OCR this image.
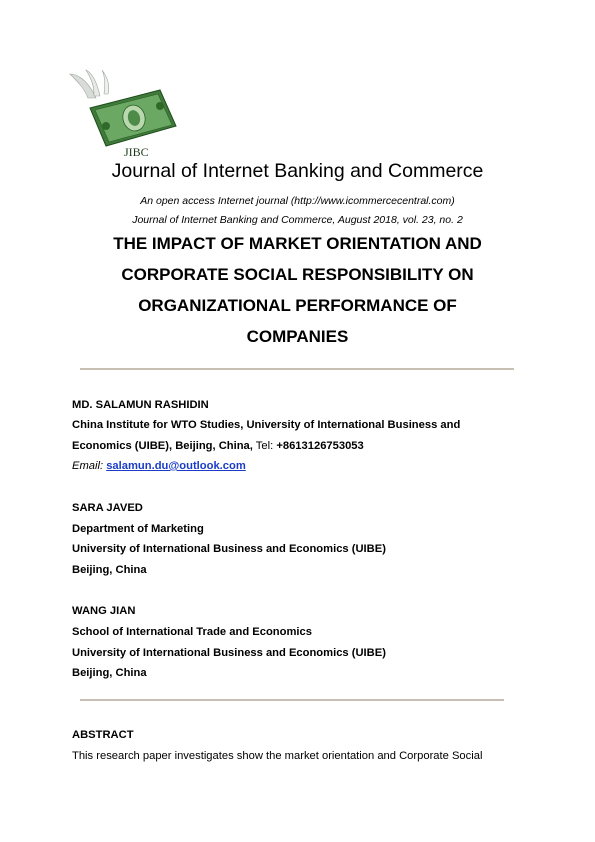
JIBC
Journal of Internet Banking and Commerce
An open access Internet journal (http://www.icommercecentral.com)
Journal of Internet Banking and Commerce, August 2018, vol. 23, no. 2
THE IMPACT OF MARKET ORIENTATION AND
CORPORATE SOCIAL RESPONSIBILITY ON
ORGANIZATIONAL PERFORMANCE OF
COMPANIES
MD. SALAMUN RASHIDIN
China Institute for WTO Studies, University of International Business and
Economics (UIBE), Beijing, China, Tel: +8613126753053
Email: salamun.du@outlook.com
SARA JAVED
Department of Marketing
University of International Business and Economics (UIBE)
Beijing, China
WANG JIAN
School of International Trade and Economics
University of International Business and Economics (UIBE)
Beijing, China
ABSTRACT
This research paper investigates show the market orientation and Corporate Social
